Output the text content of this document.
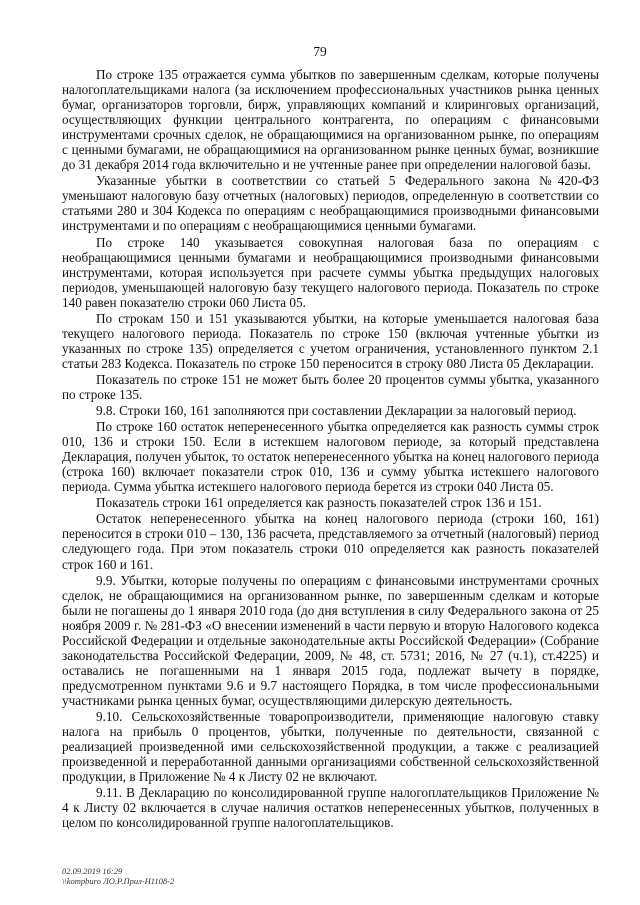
79

По строке 135 отражается сумма убытков по завершенным сделкам, которые получены налогоплательщиками налога (за исключением профессиональных участников рынка ценных бумаг, организаторов торговли, бирж, управляющих компаний и клиринговых организаций, осуществляющих функции центрального контрагента, по операциям с финансовыми инструментами срочных сделок, не обращающимися на организованном рынке, по операциям с ценными бумагами, не обращающимися на организованном рынке ценных бумаг, возникшие до 31 декабря 2014 года включительно и не учтенные ранее при определении налоговой базы.

Указанные убытки в соответствии со статьей 5 Федерального закона №420-ФЗ уменьшают налоговую базу отчетных (налоговых) периодов, определенную в соответствии со статьями 280 и 304 Кодекса по операциям с необращающимися производными финансовыми инструментами и по операциям с необращающимися ценными бумагами.

По строке 140 указывается совокупная налоговая база по операциям с необращающимися ценными бумагами и необращающимися производными финансовыми инструментами, которая используется при расчете суммы убытка предыдущих налоговых периодов, уменьшающей налоговую базу текущего налогового периода. Показатель по строке 140 равен показателю строки 060 Листа 05.

По строкам 150 и 151 указываются убытки, на которые уменьшается налоговая база текущего налогового периода. Показатель по строке 150 (включая учтенные убытки из указанных по строке 135) определяется с учетом ограничения, установленного пунктом 2.1 статьи 283 Кодекса. Показатель по строке 150 переносится в строку 080 Листа 05 Декларации.

Показатель по строке 151 не может быть более 20 процентов суммы убытка, указанного по строке 135.

9.8. Строки 160, 161 заполняются при составлении Декларации за налоговый период.

По строке 160 остаток неперенесенного убытка определяется как разность суммы строк 010, 136 и строки 150. Если в истекшем налоговом периоде, за который представлена Декларация, получен убыток, то остаток неперенесенного убытка на конец налогового периода (строка 160) включает показатели строк 010, 136 и сумму убытка истекшего налогового периода. Сумма убытка истекшего налогового периода берется из строки 040 Листа 05.

Показатель строки 161 определяется как разность показателей строк 136 и 151.

Остаток неперенесенного убытка на конец налогового периода (строки 160, 161) переносится в строки 010 – 130, 136 расчета, представляемого за отчетный (налоговый) период следующего года. При этом показатель строки 010 определяется как разность показателей строк 160 и 161.

9.9. Убытки, которые получены по операциям с финансовыми инструментами срочных сделок, не обращающимися на организованном рынке, по завершенным сделкам и которые были не погашены до 1 января 2010 года (до дня вступления в силу Федерального закона от 25 ноября 2009 г. № 281-ФЗ «О внесении изменений в части первую и вторую Налогового кодекса Российской Федерации и отдельные законодательные акты Российской Федерации» (Собрание законодательства Российской Федерации, 2009, № 48, ст. 5731; 2016, № 27 (ч.1), ст.4225) и оставались не погашенными на 1 января 2015 года, подлежат вычету в порядке, предусмотренном пунктами 9.6 и 9.7 настоящего Порядка, в том числе профессиональными участниками рынка ценных бумаг, осуществляющими дилерскую деятельность.

9.10. Сельскохозяйственные товаропроизводители, применяющие налоговую ставку налога на прибыль 0 процентов, убытки, полученные по деятельности, связанной с реализацией произведенной ими сельскохозяйственной продукции, а также с реализацией произведенной и переработанной данными организациями собственной сельскохозяйственной продукции, в Приложение № 4 к Листу 02 не включают.

9.11. В Декларацию по консолидированной группе налогоплательщиков Приложение № 4 к Листу 02 включается в случае наличия остатков неперенесенных убытков, полученных в целом по консолидированной группе налогоплательщиков.

02.09.2019 16:29
\\kompburo ЛО.Р.Прил-Н1108-2
